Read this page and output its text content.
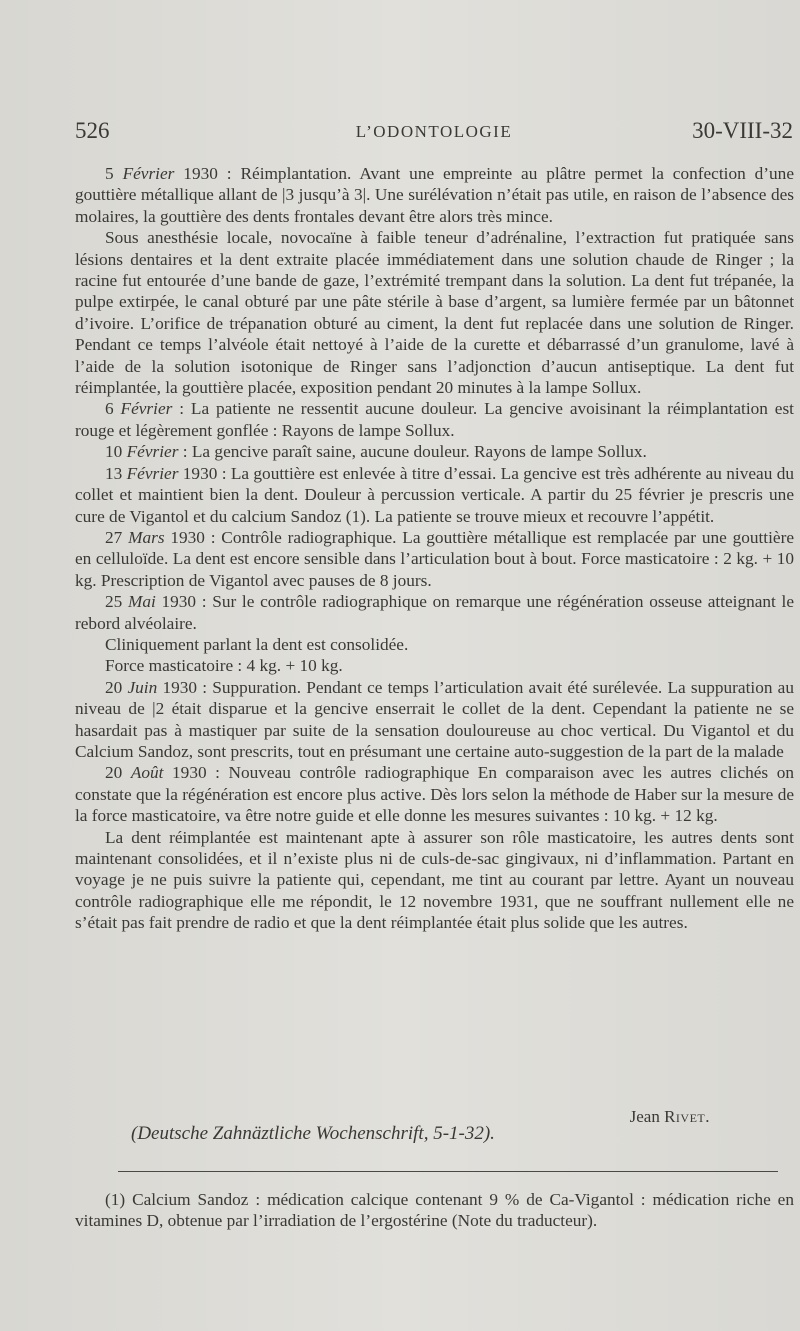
526	L’ODONTOLOGIE	30-VIII-32

5 Février 1930 : Réimplantation. Avant une empreinte au plâtre permet la confection d’une gouttière métallique allant de |3 jusqu’à 3|. Une surélévation n’était pas utile, en raison de l’absence des molaires, la gouttière des dents frontales devant être alors très mince.

Sous anesthésie locale, novocaïne à faible teneur d’adrénaline, l’extraction fut pratiquée sans lésions dentaires et la dent extraite placée immédiatement dans une solution chaude de Ringer ; la racine fut entourée d’une bande de gaze, l’extrémité trempant dans la solution. La dent fut trépanée, la pulpe extirpée, le canal obturé par une pâte stérile à base d’argent, sa lumière fermée par un bâtonnet d’ivoire. L’orifice de trépanation obturé au ciment, la dent fut replacée dans une solution de Ringer. Pendant ce temps l’alvéole était nettoyé à l’aide de la curette et débarrassé d’un granulome, lavé à l’aide de la solution isotonique de Ringer sans l’adjonction d’aucun antiseptique. La dent fut réimplantée, la gouttière placée, exposition pendant 20 minutes à la lampe Sollux.

6 Février : La patiente ne ressentit aucune douleur. La gencive avoisinant la réimplantation est rouge et légèrement gonflée : Rayons de lampe Sollux.

10 Février : La gencive paraît saine, aucune douleur. Rayons de lampe Sollux.

13 Février 1930 : La gouttière est enlevée à titre d’essai. La gencive est très adhérente au niveau du collet et maintient bien la dent. Douleur à percussion verticale. A partir du 25 février je prescris une cure de Vigantol et du calcium Sandoz (1). La patiente se trouve mieux et recouvre l’appétit.

27 Mars 1930 : Contrôle radiographique. La gouttière métallique est remplacée par une gouttière en celluloïde. La dent est encore sensible dans l’articulation bout à bout. Force masticatoire : 2 kg. + 10 kg. Prescription de Vigantol avec pauses de 8 jours.

25 Mai 1930 : Sur le contrôle radiographique on remarque une régénération osseuse atteignant le rebord alvéolaire.

Cliniquement parlant la dent est consolidée.

Force masticatoire : 4 kg. + 10 kg.

20 Juin 1930 : Suppuration. Pendant ce temps l’articulation avait été surélevée. La suppuration au niveau de |2 était disparue et la gencive enserrait le collet de la dent. Cependant la patiente ne se hasardait pas à mastiquer par suite de la sensation douloureuse au choc vertical. Du Vigantol et du Calcium Sandoz, sont prescrits, tout en présumant une certaine auto-suggestion de la part de la malade

20 Août 1930 : Nouveau contrôle radiographique En comparaison avec les autres clichés on constate que la régénération est encore plus active. Dès lors selon la méthode de Haber sur la mesure de la force masticatoire, va être notre guide et elle donne les mesures suivantes : 10 kg. + 12 kg.

La dent réimplantée est maintenant apte à assurer son rôle masticatoire, les autres dents sont maintenant consolidées, et il n’existe plus ni de culs-de-sac gingivaux, ni d’inflammation. Partant en voyage je ne puis suivre la patiente qui, cependant, me tint au courant par lettre. Ayant un nouveau contrôle radiographique elle me répondit, le 12 novembre 1931, que ne souffrant nullement elle ne s’était pas fait prendre de radio et que la dent réimplantée était plus solide que les autres.

Jean Rivet.
(Deutsche Zahnäztliche Wochenschrift, 5-1-32).

(1) Calcium Sandoz : médication calcique contenant 9 % de Ca-Vigantol : médication riche en vitamines D, obtenue par l’irradiation de l’ergostérine (Note du traducteur).
